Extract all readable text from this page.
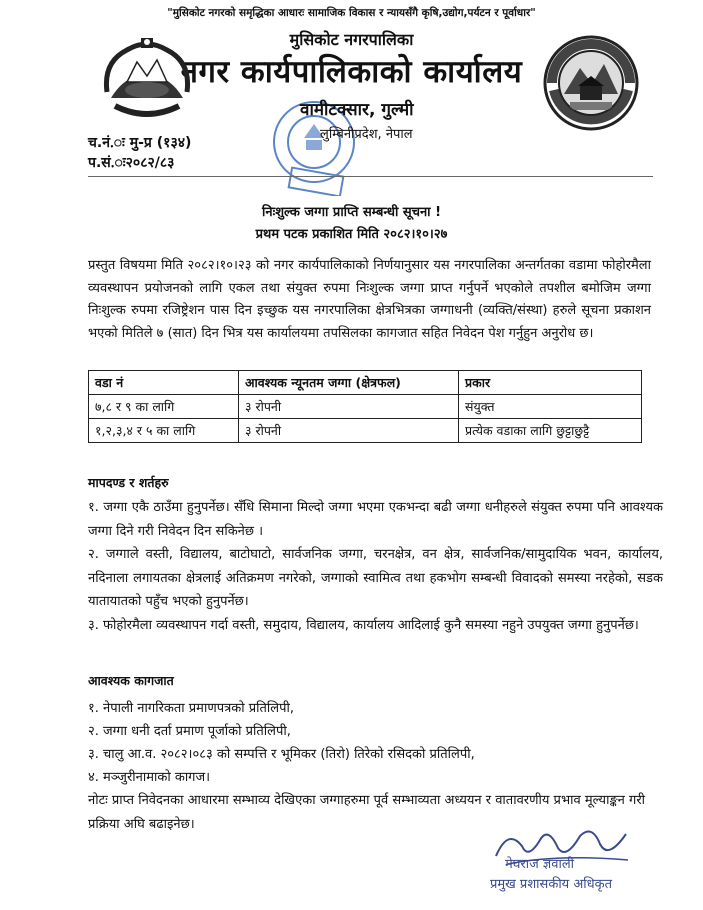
"मुसिकोट नगरको समृद्धिका आधारः सामाजिक विकास र न्यायसँगै कृषि,उद्योग,पर्यटन र पूर्वाधार"
मुसिकोट नगरपालिका
नगर कार्यपालिकाको कार्यालय
वामीटक्सार, गुल्मी
लुम्बिनीप्रदेश, नेपाल
च.नं.ः मु-प्र (१३४)
प.सं.ः२०८२/८३
निःशुल्क जग्गा प्राप्ति सम्बन्धी सूचना !
प्रथम पटक प्रकाशित मिति २०८२।१०।२७
प्रस्तुत विषयमा मिति २०८२।१०।२३ को नगर कार्यपालिकाको निर्णयानुसार यस नगरपालिका अन्तर्गतका वडामा फोहोरमैला व्यवस्थापन प्रयोजनको लागि एकल तथा संयुक्त रुपमा निःशुल्क जग्गा प्राप्त गर्नुपर्ने भएकोले तपशील बमोजिम जग्गा निःशुल्क रुपमा रजिष्ट्रेशन पास दिन इच्छुक यस नगरपालिका क्षेत्रभित्रका जग्गाधनी (व्यक्ति/संस्था) हरुले सूचना प्रकाशन भएको मितिले ७ (सात) दिन भित्र यस कार्यालयमा तपसिलका कागजात सहित निवेदन पेश गर्नुहुन अनुरोध छ।
वडा नं	आवश्यक न्यूनतम जग्गा (क्षेत्रफल)	प्रकार
७,८ र ९ का लागि	३ रोपनी	संयुक्त
१,२,३,४ र ५ का लागि	३ रोपनी	प्रत्येक वडाका लागि छुट्टाछुट्टै
मापदण्ड र शर्तहरु
१. जग्गा एकै ठाउँमा हुनुपर्नेछ। सँधि सिमाना मिल्दो जग्गा भएमा एकभन्दा बढी जग्गा धनीहरुले संयुक्त रुपमा पनि आवश्यक जग्गा दिने गरी निवेदन दिन सकिनेछ ।
२. जग्गाले वस्ती, विद्यालय, बाटोघाटो, सार्वजनिक जग्गा, चरनक्षेत्र, वन क्षेत्र, सार्वजनिक/सामुदायिक भवन, कार्यालय, नदिनाला लगायतका क्षेत्रलाई अतिक्रमण नगरेको, जग्गाको स्वामित्व तथा हकभोग सम्बन्धी विवादको समस्या नरहेको, सडक यातायातको पहुँच भएको हुनुपर्नेछ।
३. फोहोरमैला व्यवस्थापन गर्दा वस्ती, समुदाय, विद्यालय, कार्यालय आदिलाई कुनै समस्या नहुने उपयुक्त जग्गा हुनुपर्नेछ।
आवश्यक कागजात
१. नेपाली नागरिकता प्रमाणपत्रको प्रतिलिपी,
२. जग्गा धनी दर्ता प्रमाण पूर्जाको प्रतिलिपी,
३. चालु आ.व. २०८२।०८३ को सम्पत्ति र भूमिकर (तिरो) तिरेको रसिदको प्रतिलिपी,
४. मञ्जुरीनामाको कागज।
नोटः प्राप्त निवेदनका आधारमा सम्भाव्य देखिएका जग्गाहरुमा पूर्व सम्भाव्यता अध्ययन र वातावरणीय प्रभाव मूल्याङ्कन गरी प्रक्रिया अघि बढाइनेछ।
मेघराज ज्ञवाली
प्रमुख प्रशासकीय अधिकृत
